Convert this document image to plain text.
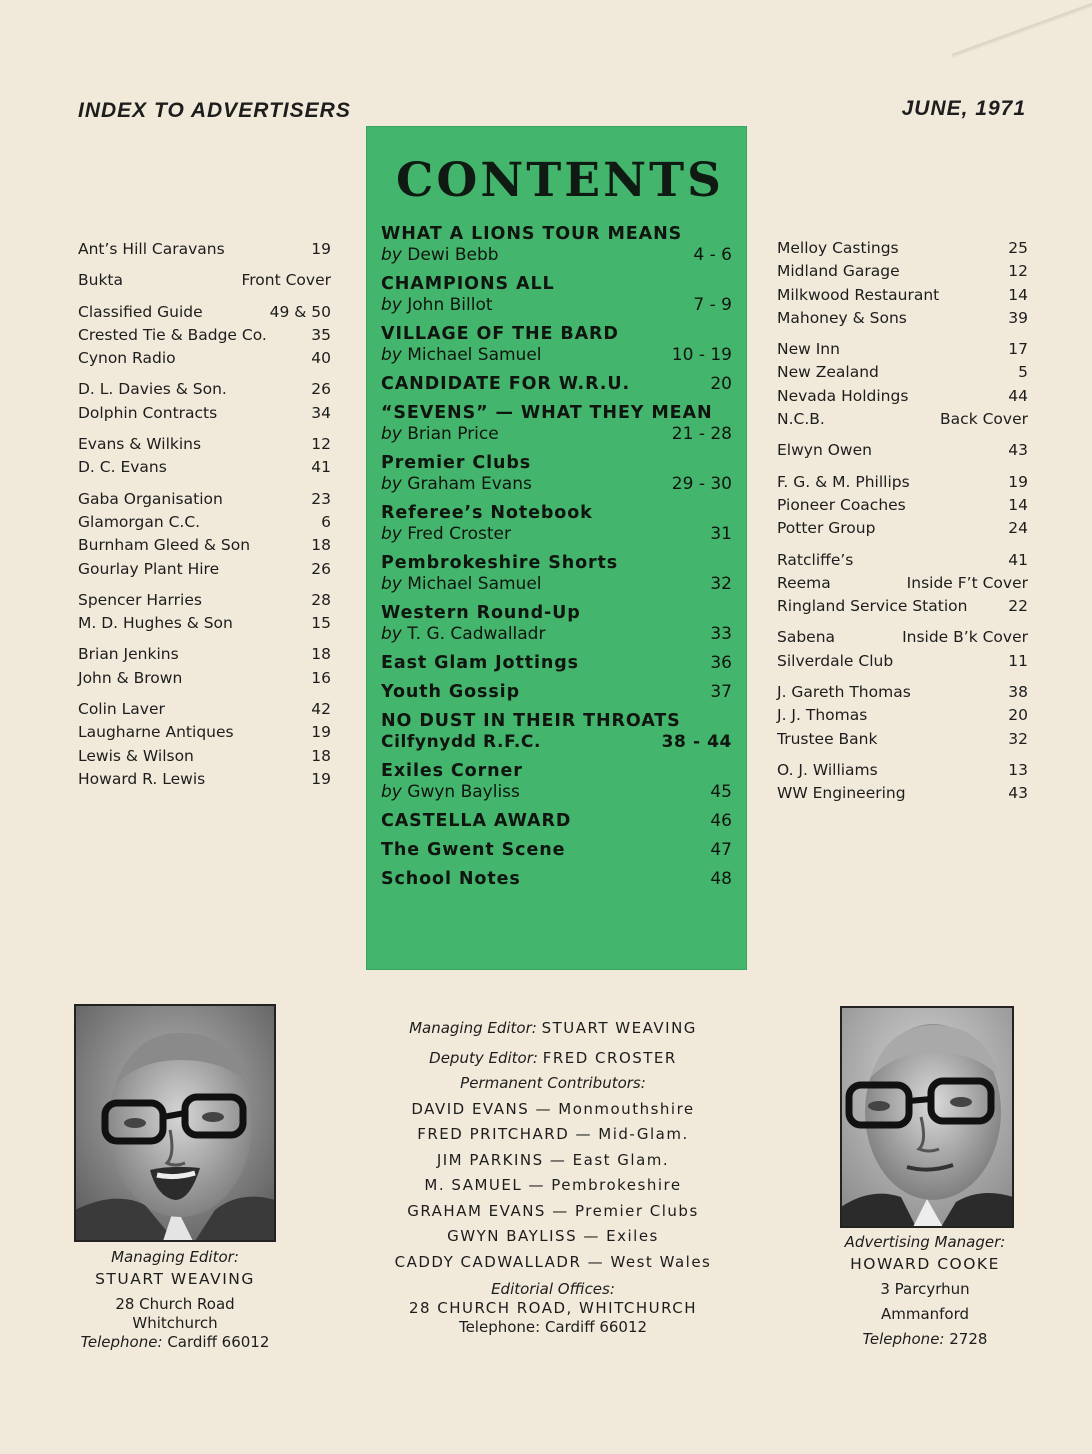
INDEX TO ADVERTISERS	JUNE, 1971
Ant’s Hill Caravans	19
Bukta	Front Cover
Classified Guide	49 & 50
Crested Tie & Badge Co.	35
Cynon Radio	40
D. L. Davies & Son.	26
Dolphin Contracts	34
Evans & Wilkins	12
D. C. Evans	41
Gaba Organisation	23
Glamorgan C.C.	6
Burnham Gleed & Son	18
Gourlay Plant Hire	26
Spencer Harries	28
M. D. Hughes & Son	15
Brian Jenkins	18
John & Brown	16
Colin Laver	42
Laugharne Antiques	19
Lewis & Wilson	18
Howard R. Lewis	19
Melloy Castings	25
Midland Garage	12
Milkwood Restaurant	14
Mahoney & Sons	39
New Inn	17
New Zealand	5
Nevada Holdings	44
N.C.B.	Back Cover
Elwyn Owen	43
F. G. & M. Phillips	19
Pioneer Coaches	14
Potter Group	24
Ratcliffe’s	41
Reema	Inside F’t Cover
Ringland Service Station	22
Sabena	Inside B’k Cover
Silverdale Club	11
J. Gareth Thomas	38
J. J. Thomas	20
Trustee Bank	32
O. J. Williams	13
WW Engineering	43
CONTENTS
WHAT A LIONS TOUR MEANS
by Dewi Bebb	4 - 6
CHAMPIONS ALL
by John Billot	7 - 9
VILLAGE OF THE BARD
by Michael Samuel	10 - 19
CANDIDATE FOR W.R.U.	20
“SEVENS” — WHAT THEY MEAN
by Brian Price	21 - 28
Premier Clubs
by Graham Evans	29 - 30
Referee’s Notebook
by Fred Croster	31
Pembrokeshire Shorts
by Michael Samuel	32
Western Round-Up
by T. G. Cadwalladr	33
East Glam Jottings	36
Youth Gossip	37
NO DUST IN THEIR THROATS
Cilfynydd R.F.C.	38 - 44
Exiles Corner
by Gwyn Bayliss	45
CASTELLA AWARD	46
The Gwent Scene	47
School Notes	48
Managing Editor:
STUART WEAVING
28 Church Road
Whitchurch
Telephone: Cardiff 66012
Advertising Manager:
HOWARD COOKE
3 Parcyrhun
Ammanford
Telephone: 2728
Managing Editor: STUART WEAVING
Deputy Editor: FRED CROSTER
Permanent Contributors:
DAVID EVANS — Monmouthshire
FRED PRITCHARD — Mid-Glam.
JIM PARKINS — East Glam.
M. SAMUEL — Pembrokeshire
GRAHAM EVANS — Premier Clubs
GWYN BAYLISS — Exiles
CADDY CADWALLADR — West Wales
Editorial Offices:
28 CHURCH ROAD, WHITCHURCH
Telephone: Cardiff 66012
